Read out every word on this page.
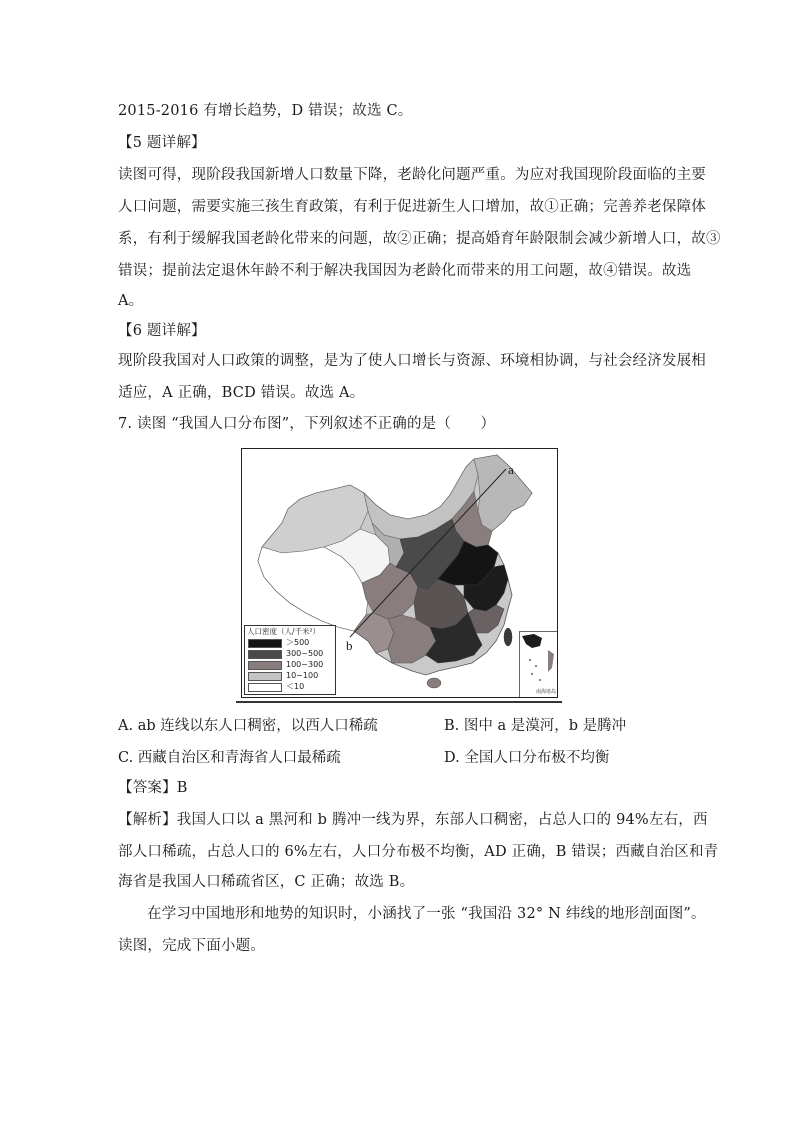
2015-2016 有增长趋势，D 错误；故选 C。
【5 题详解】
读图可得，现阶段我国新增人口数量下降，老龄化问题严重。为应对我国现阶段面临的主要
人口问题，需要实施三孩生育政策，有利于促进新生人口增加，故①正确；完善养老保障体
系，有利于缓解我国老龄化带来的问题，故②正确；提高婚育年龄限制会减少新增人口，故③
错误；提前法定退休年龄不利于解决我国因为老龄化而带来的用工问题，故④错误。故选
A。
【6 题详解】
现阶段我国对人口政策的调整，是为了使人口增长与资源、环境相协调，与社会经济发展相
适应，A 正确，BCD 错误。故选 A。
7. 读图 “我国人口分布图”，下列叙述不正确的是（　　）
a
b
人口密度（人/千米²）
＞500
300~500
100~300
10~100
＜10
南海诸岛
A. ab 连线以东人口稠密，以西人口稀疏	B. 图中 a 是漠河，b 是腾冲
C. 西藏自治区和青海省人口最稀疏	D. 全国人口分布极不均衡
【答案】B
【解析】我国人口以 a 黑河和 b 腾冲一线为界，东部人口稠密，占总人口的 94%左右，西
部人口稀疏，占总人口的 6%左右，人口分布极不均衡，AD 正确，B 错误；西藏自治区和青
海省是我国人口稀疏省区，C 正确；故选 B。
在学习中国地形和地势的知识时，小涵找了一张 “我国沿 32° N 纬线的地形剖面图”。
读图，完成下面小题。
